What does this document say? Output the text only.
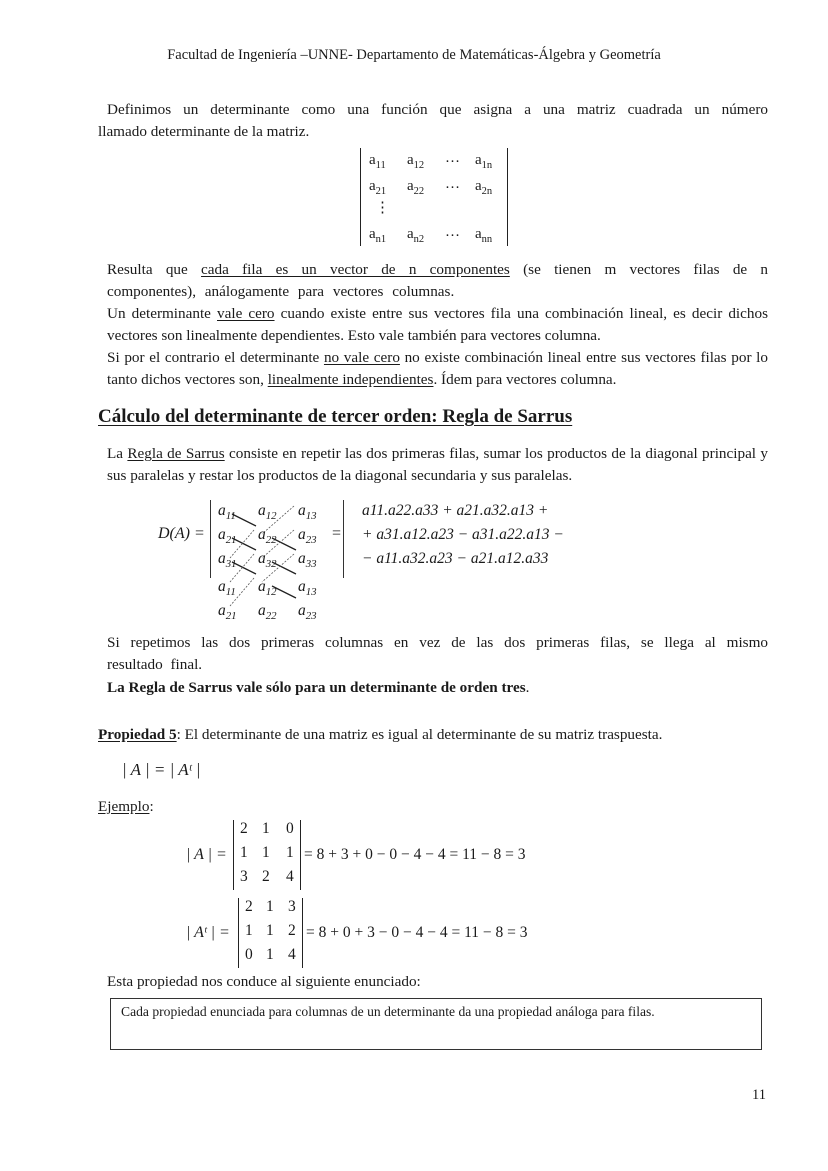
Facultad de Ingeniería –UNNE- Departamento de Matemáticas-Álgebra y Geometría
Definimos un determinante como una función que asigna a una matriz cuadrada un número
llamado determinante de la matriz.
$a_{11}$ $a_{12}$ … $a_{1n}$
$a_{21}$ $a_{22}$ … $a_{2n}$
⋮
$a_{n1}$ $a_{n2}$ … $a_{nn}$
Resulta que cada fila es un vector de n componentes (se tienen m vectores filas de n componentes), análogamente para vectores columnas.
Un determinante vale cero cuando existe entre sus vectores fila una combinación lineal, es decir dichos vectores son linealmente dependientes. Esto vale también para vectores columna.
Si por el contrario el determinante no vale cero no existe combinación lineal entre sus vectores filas por lo tanto dichos vectores son, linealmente independientes. Ídem para vectores columna.
Cálculo del determinante de tercer orden: Regla de Sarrus
La Regla de Sarrus consiste en repetir las dos primeras filas, sumar los productos de la diagonal principal y sus paralelas y restar los productos de la diagonal secundaria y sus paralelas.
D(A) =
$a_{11}$ $a_{12}$ $a_{13}$
$a_{21}$ $a_{22}$ $a_{23}$
$a_{31}$ $a_{32}$ $a_{33}$
$a_{11}$ $a_{12}$ $a_{13}$
$a_{21}$ $a_{22}$ $a_{23}$
=
a11.a22.a33 + a21.a32.a13 +
+ a31.a12.a23 − a31.a22.a13 −
− a11.a32.a23 − a21.a12.a33
Si repetimos las dos primeras columnas en vez de las dos primeras filas, se llega al mismo resultado final.
La Regla de Sarrus vale sólo para un determinante de orden tres.
Propiedad 5: El determinante de una matriz es igual al determinante de su matriz traspuesta.
| A | = | Aᵗ |
Ejemplo:
| A | =
2 1 0
1 1 1
3 2 4
= 8 + 3 + 0 − 0 − 4 − 4 = 11 − 8 = 3
| Aᵗ | =
2 1 3
1 1 2
0 1 4
= 8 + 0 + 3 − 0 − 4 − 4 = 11 − 8 = 3
Esta propiedad nos conduce al siguiente enunciado:
Cada propiedad enunciada para columnas de un determinante da una propiedad análoga para filas.
11
